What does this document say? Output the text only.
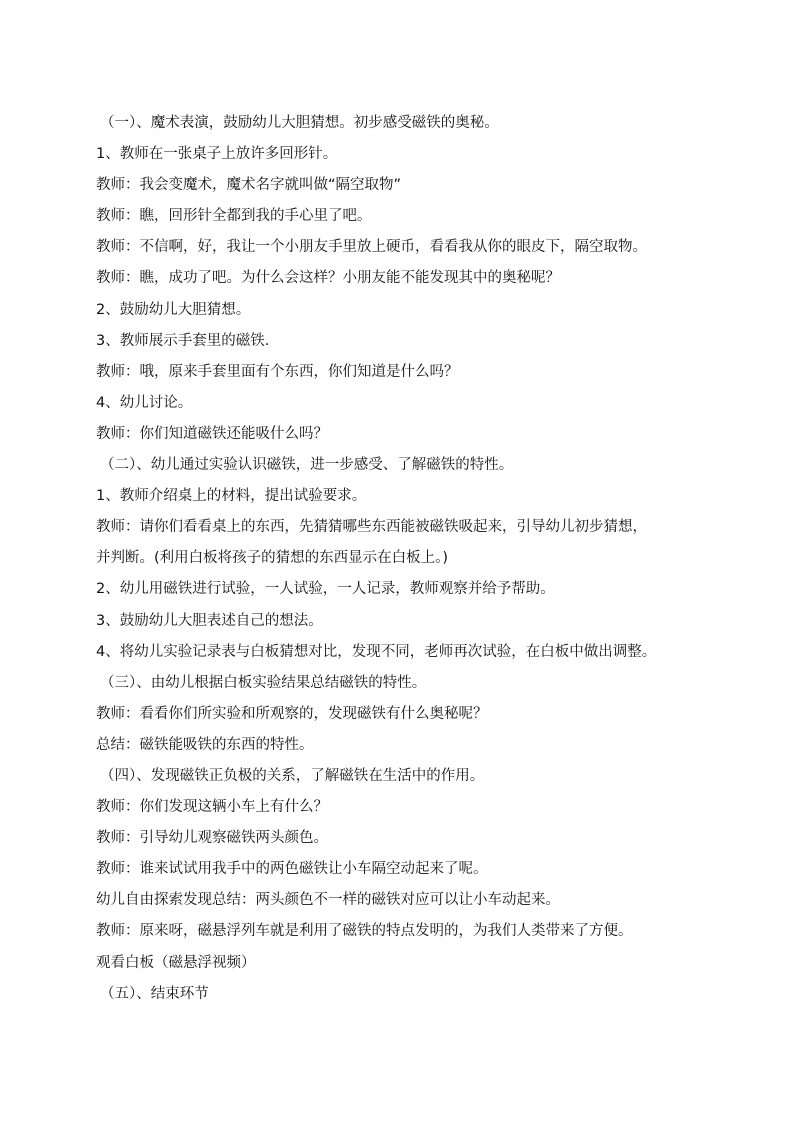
（一）、魔术表演，鼓励幼儿大胆猜想。初步感受磁铁的奥秘。
1、教师在一张桌子上放许多回形针。
教师：我会变魔术，魔术名字就叫做“隔空取物”
教师：瞧，回形针全都到我的手心里了吧。
教师：不信啊，好，我让一个小朋友手里放上硬币，看看我从你的眼皮下，隔空取物。
教师：瞧，成功了吧。为什么会这样？小朋友能不能发现其中的奥秘呢？
2、鼓励幼儿大胆猜想。
3、教师展示手套里的磁铁.
教师：哦，原来手套里面有个东西，你们知道是什么吗？
4、幼儿讨论。
教师：你们知道磁铁还能吸什么吗？
（二）、幼儿通过实验认识磁铁，进一步感受、了解磁铁的特性。
1、教师介绍桌上的材料，提出试验要求。
教师：请你们看看桌上的东西，先猜猜哪些东西能被磁铁吸起来，引导幼儿初步猜想，
并判断。(利用白板将孩子的猜想的东西显示在白板上。)
2、幼儿用磁铁进行试验，一人试验，一人记录，教师观察并给予帮助。
3、鼓励幼儿大胆表述自己的想法。
4、将幼儿实验记录表与白板猜想对比，发现不同，老师再次试验，在白板中做出调整。
（三）、由幼儿根据白板实验结果总结磁铁的特性。
教师：看看你们所实验和所观察的，发现磁铁有什么奥秘呢？
总结：磁铁能吸铁的东西的特性。
（四）、发现磁铁正负极的关系，了解磁铁在生活中的作用。
教师：你们发现这辆小车上有什么？
教师：引导幼儿观察磁铁两头颜色。
教师：谁来试试用我手中的两色磁铁让小车隔空动起来了呢。
幼儿自由探索发现总结：两头颜色不一样的磁铁对应可以让小车动起来。
教师：原来呀，磁悬浮列车就是利用了磁铁的特点发明的，为我们人类带来了方便。
观看白板（磁悬浮视频）
（五）、结束环节
